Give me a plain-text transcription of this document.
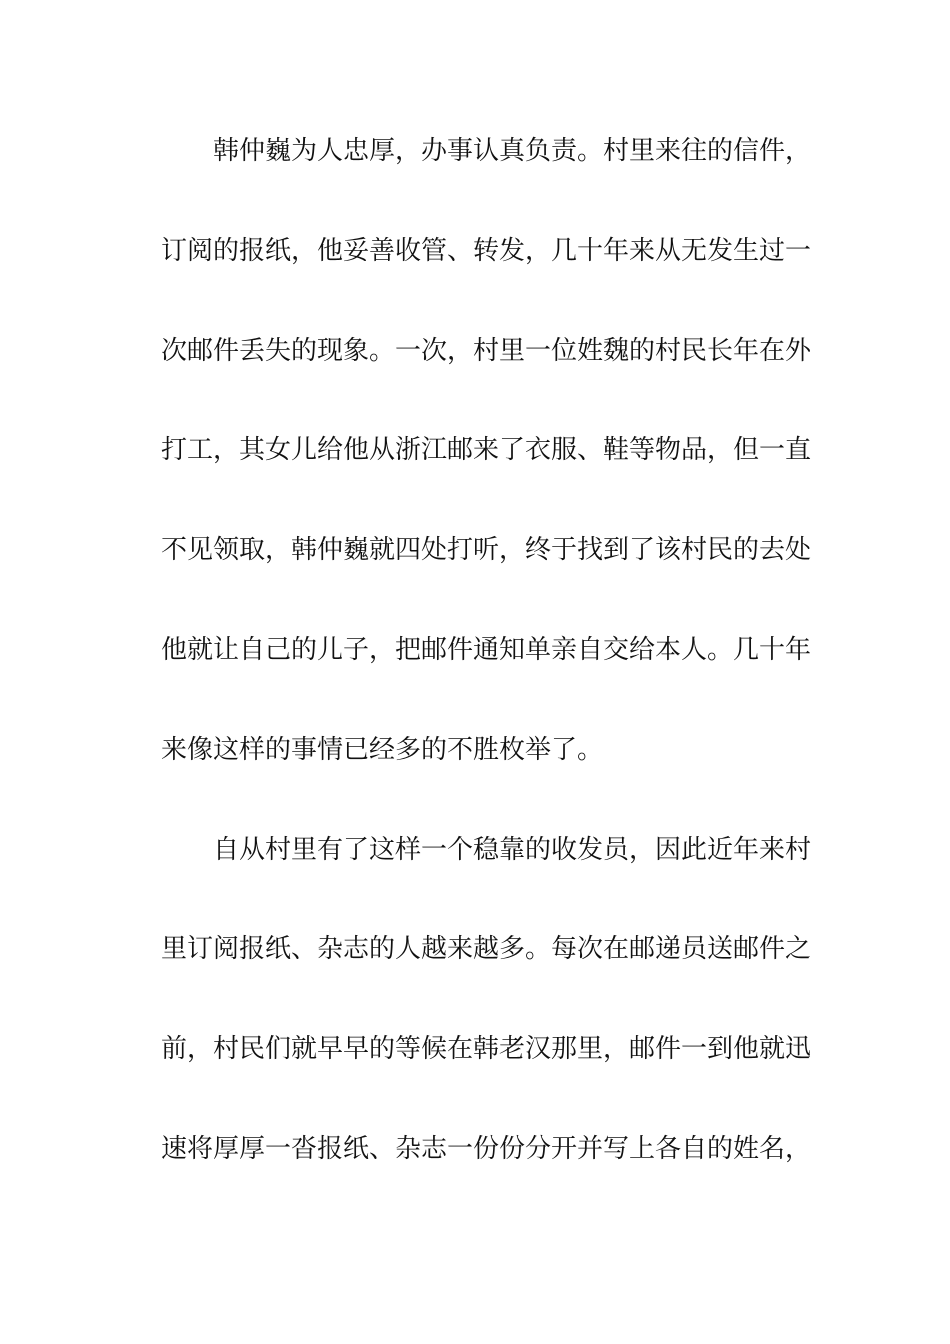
韩仲巍为人忠厚，办事认真负责。村里来往的信件，
订阅的报纸，他妥善收管、转发，几十年来从无发生过一
次邮件丢失的现象。一次，村里一位姓魏的村民长年在外
打工，其女儿给他从浙江邮来了衣服、鞋等物品，但一直
不见领取，韩仲巍就四处打听，终于找到了该村民的去处
他就让自己的儿子，把邮件通知单亲自交给本人。几十年
来像这样的事情已经多的不胜枚举了。
自从村里有了这样一个稳靠的收发员，因此近年来村
里订阅报纸、杂志的人越来越多。每次在邮递员送邮件之
前，村民们就早早的等候在韩老汉那里，邮件一到他就迅
速将厚厚一沓报纸、杂志一份份分开并写上各自的姓名，
